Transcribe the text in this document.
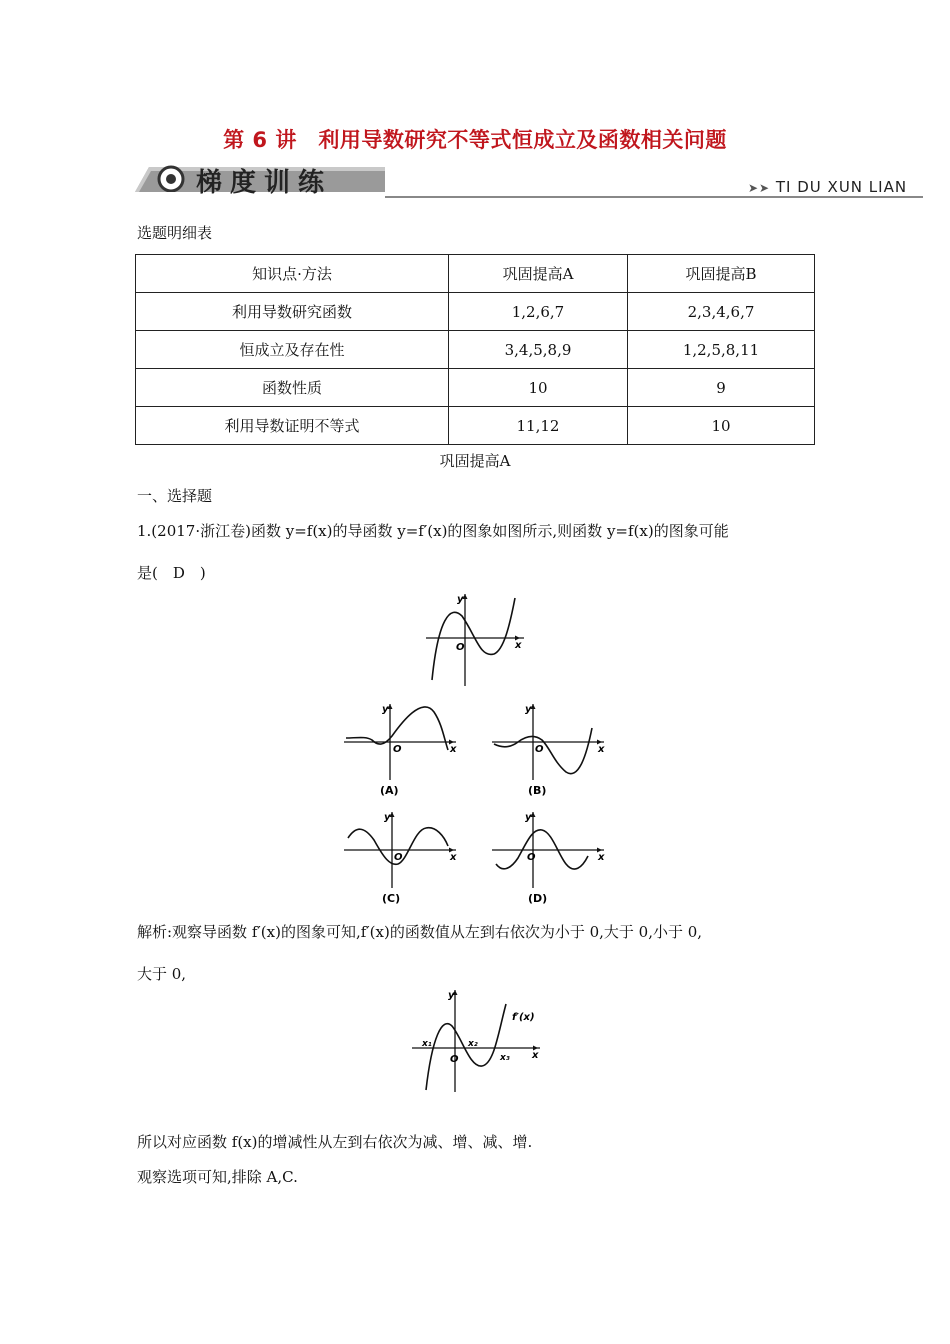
第 6 讲　利用导数研究不等式恒成立及函数相关问题
梯度训练	➤➤ TI DU XUN LIAN
选题明细表
知识点·方法	巩固提高A	巩固提高B
利用导数研究函数	1,2,6,7	2,3,4,6,7
恒成立及存在性	3,4,5,8,9	1,2,5,8,11
函数性质	10	9
利用导数证明不等式	11,12	10
巩固提高A
一、选择题
1.(2017·浙江卷)函数 y=f(x)的导函数 y=f′(x)的图象如图所示,则函数 y=f(x)的图象可能
是(　D　)
y
x
O
y
x
O
(A)
y
x
O
(B)
y
x
O
(C)
y
x
O
(D)
解析:观察导函数 f′(x)的图象可知,f′(x)的函数值从左到右依次为小于 0,大于 0,小于 0,
大于 0,
y
x
O
x₁	x₂
x₃
f′(x)
所以对应函数 f(x)的增减性从左到右依次为减、增、减、增.
观察选项可知,排除 A,C.
